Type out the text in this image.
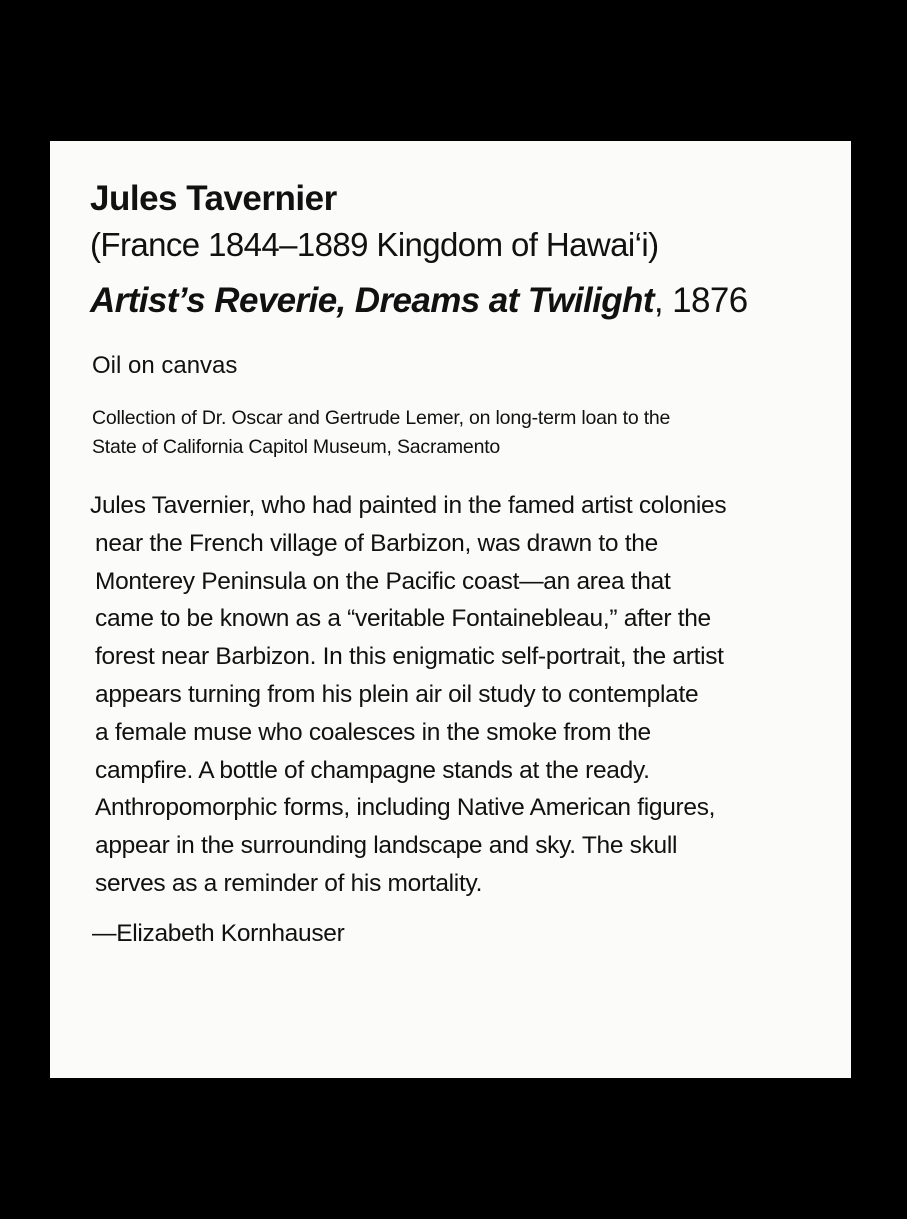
Jules Tavernier

(France 1844–1889 Kingdom of Hawai‘i)

Artist’s Reverie, Dreams at Twilight, 1876

Oil on canvas

Collection of Dr. Oscar and Gertrude Lemer, on long-term loan to the
State of California Capitol Museum, Sacramento

Jules Tavernier, who had painted in the famed artist colonies
near the French village of Barbizon, was drawn to the
Monterey Peninsula on the Pacific coast—an area that
came to be known as a “veritable Fontainebleau,” after the
forest near Barbizon. In this enigmatic self-portrait, the artist
appears turning from his plein air oil study to contemplate
a female muse who coalesces in the smoke from the
campfire. A bottle of champagne stands at the ready.
Anthropomorphic forms, including Native American figures,
appear in the surrounding landscape and sky. The skull
serves as a reminder of his mortality.

—Elizabeth Kornhauser
